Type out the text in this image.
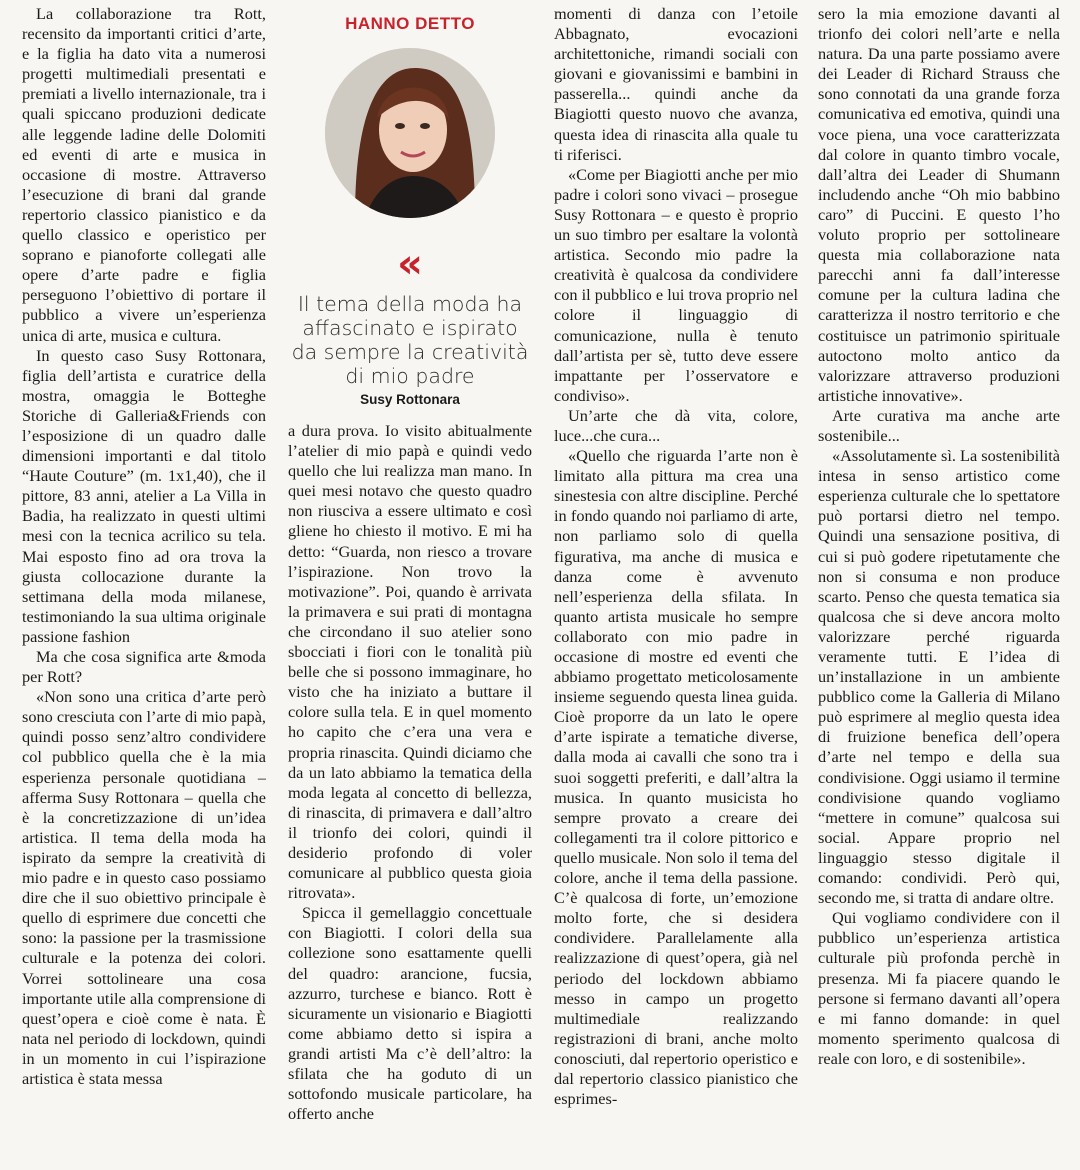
La collaborazione tra Rott, recensito da importanti critici d’arte, e la figlia ha dato vita a numerosi progetti multimediali presentati e premiati a livello internazionale, tra i quali spiccano produzioni dedicate alle leggende ladine delle Dolomiti ed eventi di arte e musica in occasione di mostre. Attraverso l’esecuzione di brani dal grande repertorio classico pianistico e da quello classico e operistico per soprano e pianoforte collegati alle opere d’arte padre e figlia perseguono l’obiettivo di portare il pubblico a vivere un’esperienza unica di arte, musica e cultura.

In questo caso Susy Rottonara, figlia dell’artista e curatrice della mostra, omaggia le Botteghe Storiche di Galleria&Friends con l’esposizione di un quadro dalle dimensioni importanti e dal titolo “Haute Couture” (m. 1x1,40), che il pittore, 83 anni, atelier a La Villa in Badia, ha realizzato in questi ultimi mesi con la tecnica acrilico su tela. Mai esposto fino ad ora trova la giusta collocazione durante la settimana della moda milanese, testimoniando la sua ultima originale passione fashion

Ma che cosa significa arte &moda per Rott?

«Non sono una critica d’arte però sono cresciuta con l’arte di mio papà, quindi posso senz’altro condividere col pubblico quella che è la mia esperienza personale quotidiana – afferma Susy Rottonara – quella che è la concretizzazione di un’idea artistica. Il tema della moda ha ispirato da sempre la creatività di mio padre e in questo caso possiamo dire che il suo obiettivo principale è quello di esprimere due concetti che sono: la passione per la trasmissione culturale e la potenza dei colori. Vorrei sottolineare una cosa importante utile alla comprensione di quest’opera e cioè come è nata. È nata nel periodo di lockdown, quindi in un momento in cui l’ispirazione artistica è stata messa

HANNO DETTO
«
Il tema della moda ha affascinato e ispirato da sempre la creatività di mio padre
Susy Rottonara

a dura prova. Io visito abitualmente l’atelier di mio papà e quindi vedo quello che lui realizza man mano. In quei mesi notavo che questo quadro non riusciva a essere ultimato e così gliene ho chiesto il motivo. E mi ha detto: “Guarda, non riesco a trovare l’ispirazione. Non trovo la motivazione”. Poi, quando è arrivata la primavera e sui prati di montagna che circondano il suo atelier sono sbocciati i fiori con le tonalità più belle che si possono immaginare, ho visto che ha iniziato a buttare il colore sulla tela. E in quel momento ho capito che c’era una vera e propria rinascita. Quindi diciamo che da un lato abbiamo la tematica della moda legata al concetto di bellezza, di rinascita, di primavera e dall’altro il trionfo dei colori, quindi il desiderio profondo di voler comunicare al pubblico questa gioia ritrovata».

Spicca il gemellaggio concettuale con Biagiotti. I colori della sua collezione sono esattamente quelli del quadro: arancione, fucsia, azzurro, turchese e bianco. Rott è sicuramente un visionario e Biagiotti come abbiamo detto si ispira a grandi artisti Ma c’è dell’altro: la sfilata che ha goduto di un sottofondo musicale particolare, ha offerto anche

momenti di danza con l’etoile Abbagnato, evocazioni architettoniche, rimandi sociali con giovani e giovanissimi e bambini in passerella... quindi anche da Biagiotti questo nuovo che avanza, questa idea di rinascita alla quale tu ti riferisci.

«Come per Biagiotti anche per mio padre i colori sono vivaci – prosegue Susy Rottonara – e questo è proprio un suo timbro per esaltare la volontà artistica. Secondo mio padre la creatività è qualcosa da condividere con il pubblico e lui trova proprio nel colore il linguaggio di comunicazione, nulla è tenuto dall’artista per sè, tutto deve essere impattante per l’osservatore e condiviso».

Un’arte che dà vita, colore, luce...che cura...

«Quello che riguarda l’arte non è limitato alla pittura ma crea una sinestesia con altre discipline. Perché in fondo quando noi parliamo di arte, non parliamo solo di quella figurativa, ma anche di musica e danza come è avvenuto nell’esperienza della sfilata. In quanto artista musicale ho sempre collaborato con mio padre in occasione di mostre ed eventi che abbiamo progettato meticolosamente insieme seguendo questa linea guida. Cioè proporre da un lato le opere d’arte ispirate a tematiche diverse, dalla moda ai cavalli che sono tra i suoi soggetti preferiti, e dall’altra la musica. In quanto musicista ho sempre provato a creare dei collegamenti tra il colore pittorico e quello musicale. Non solo il tema del colore, anche il tema della passione. C’è qualcosa di forte, un’emozione molto forte, che si desidera condividere. Parallelamente alla realizzazione di quest’opera, già nel periodo del lockdown abbiamo messo in campo un progetto multimediale realizzando registrazioni di brani, anche molto conosciuti, dal repertorio operistico e dal repertorio classico pianistico che esprimes-

sero la mia emozione davanti al trionfo dei colori nell’arte e nella natura. Da una parte possiamo avere dei Leader di Richard Strauss che sono connotati da una grande forza comunicativa ed emotiva, quindi una voce piena, una voce caratterizzata dal colore in quanto timbro vocale, dall’altra dei Leader di Shumann includendo anche “Oh mio babbino caro” di Puccini. E questo l’ho voluto proprio per sottolineare questa mia collaborazione nata parecchi anni fa dall’interesse comune per la cultura ladina che caratterizza il nostro territorio e che costituisce un patrimonio spirituale autoctono molto antico da valorizzare attraverso produzioni artistiche innovative».

Arte curativa ma anche arte sostenibile...

«Assolutamente sì. La sostenibilità intesa in senso artistico come esperienza culturale che lo spettatore può portarsi dietro nel tempo. Quindi una sensazione positiva, di cui si può godere ripetutamente che non si consuma e non produce scarto. Penso che questa tematica sia qualcosa che si deve ancora molto valorizzare perché riguarda veramente tutti. E l’idea di un’installazione in un ambiente pubblico come la Galleria di Milano può esprimere al meglio questa idea di fruizione benefica dell’opera d’arte nel tempo e della sua condivisione. Oggi usiamo il termine condivisione quando vogliamo “mettere in comune” qualcosa sui social. Appare proprio nel linguaggio stesso digitale il comando: condividi. Però qui, secondo me, si tratta di andare oltre.

Qui vogliamo condividere con il pubblico un’esperienza artistica culturale più profonda perchè in presenza. Mi fa piacere quando le persone si fermano davanti all’opera e mi fanno domande: in quel momento sperimento qualcosa di reale con loro, e di sostenibile».
